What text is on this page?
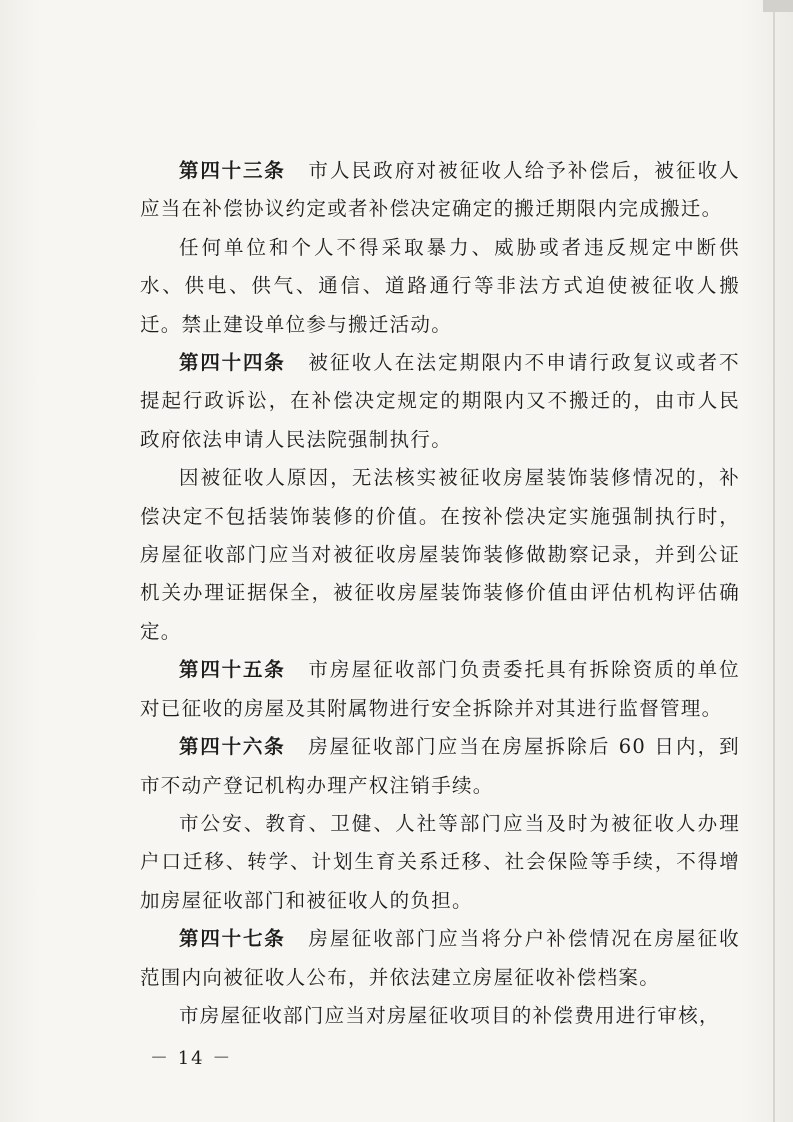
第四十三条 市人民政府对被征收人给予补偿后，被征收人应当在补偿协议约定或者补偿决定确定的搬迁期限内完成搬迁。

任何单位和个人不得采取暴力、威胁或者违反规定中断供水、供电、供气、通信、道路通行等非法方式迫使被征收人搬迁。禁止建设单位参与搬迁活动。

第四十四条 被征收人在法定期限内不申请行政复议或者不提起行政诉讼，在补偿决定规定的期限内又不搬迁的，由市人民政府依法申请人民法院强制执行。

因被征收人原因，无法核实被征收房屋装饰装修情况的，补偿决定不包括装饰装修的价值。在按补偿决定实施强制执行时，房屋征收部门应当对被征收房屋装饰装修做勘察记录，并到公证机关办理证据保全，被征收房屋装饰装修价值由评估机构评估确定。

第四十五条 市房屋征收部门负责委托具有拆除资质的单位对已征收的房屋及其附属物进行安全拆除并对其进行监督管理。

第四十六条 房屋征收部门应当在房屋拆除后 60 日内，到市不动产登记机构办理产权注销手续。

市公安、教育、卫健、人社等部门应当及时为被征收人办理户口迁移、转学、计划生育关系迁移、社会保险等手续，不得增加房屋征收部门和被征收人的负担。

第四十七条 房屋征收部门应当将分户补偿情况在房屋征收范围内向被征收人公布，并依法建立房屋征收补偿档案。

市房屋征收部门应当对房屋征收项目的补偿费用进行审核，

－ 14 －
